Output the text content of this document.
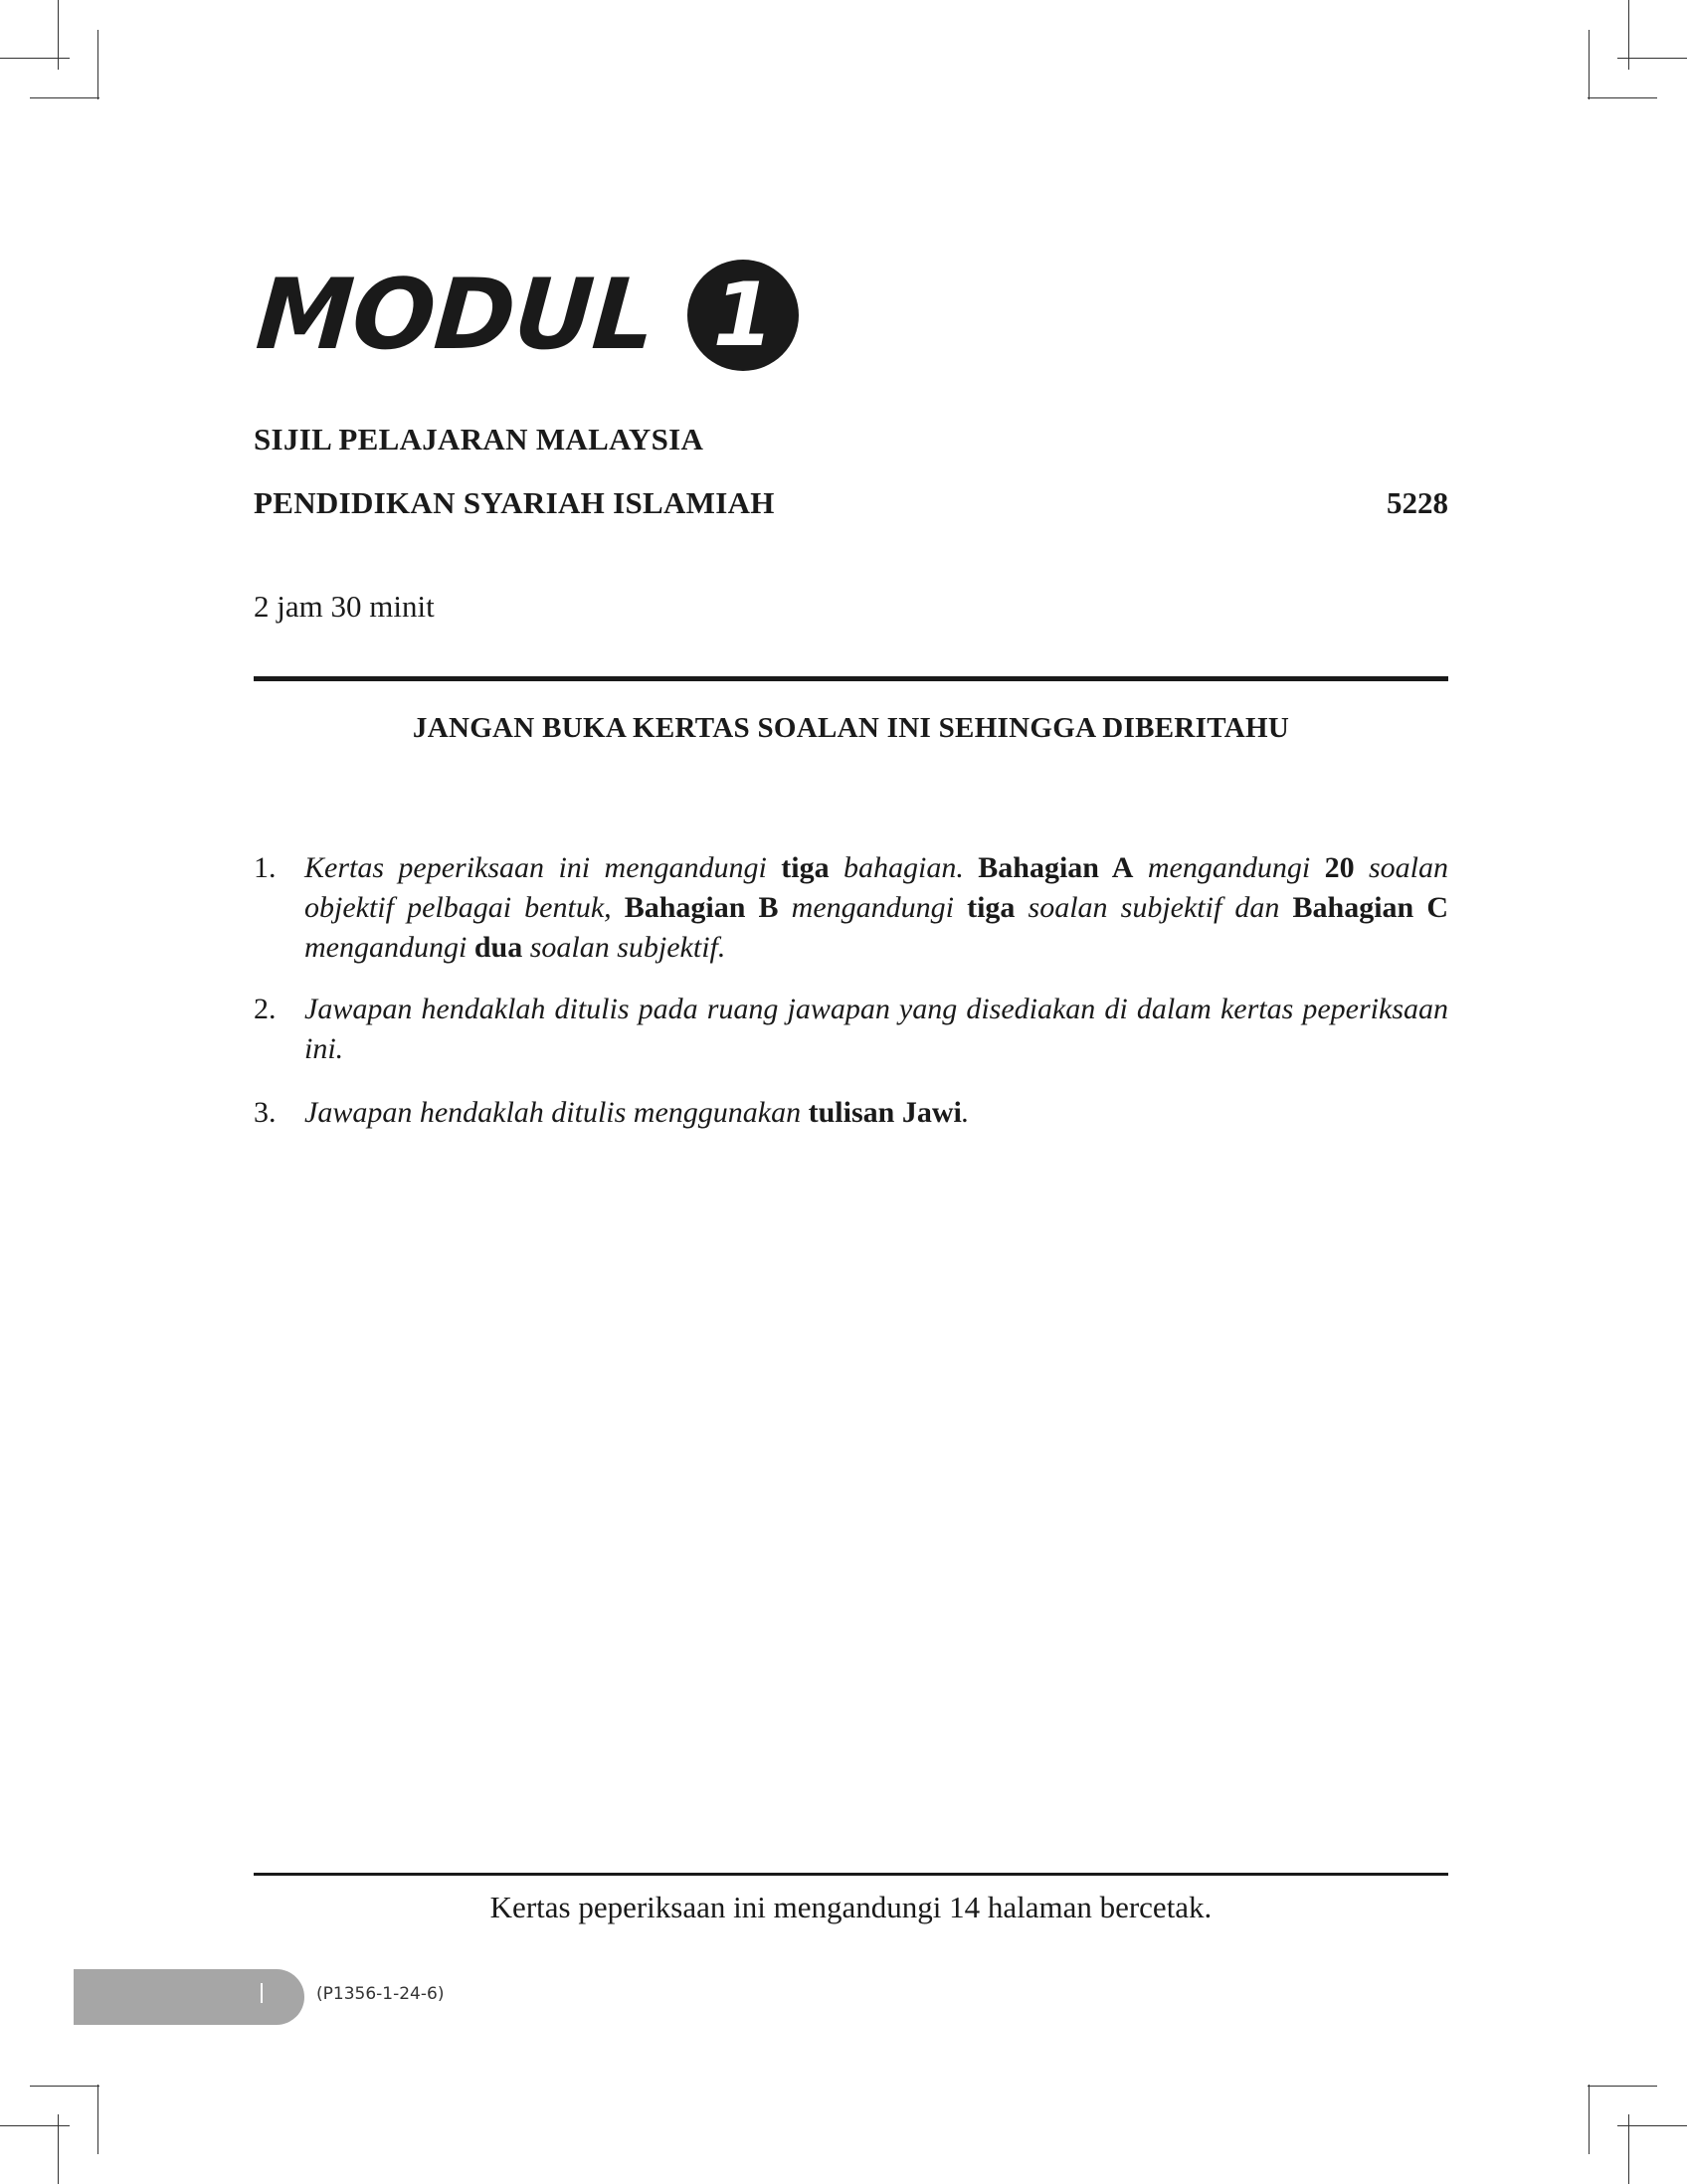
MODUL 1
SIJIL PELAJARAN MALAYSIA
PENDIDIKAN SYARIAH ISLAMIAH	5228
2 jam 30 minit
JANGAN BUKA KERTAS SOALAN INI SEHINGGA DIBERITAHU
1. Kertas peperiksaan ini mengandungi tiga bahagian. Bahagian A mengandungi 20 soalan objektif pelbagai bentuk, Bahagian B mengandungi tiga soalan subjektif dan Bahagian C mengandungi dua soalan subjektif.
2. Jawapan hendaklah ditulis pada ruang jawapan yang disediakan di dalam kertas peperiksaan ini.
3. Jawapan hendaklah ditulis menggunakan tulisan Jawi.
Kertas peperiksaan ini mengandungi 14 halaman bercetak.
(P1356-1-24-6)
